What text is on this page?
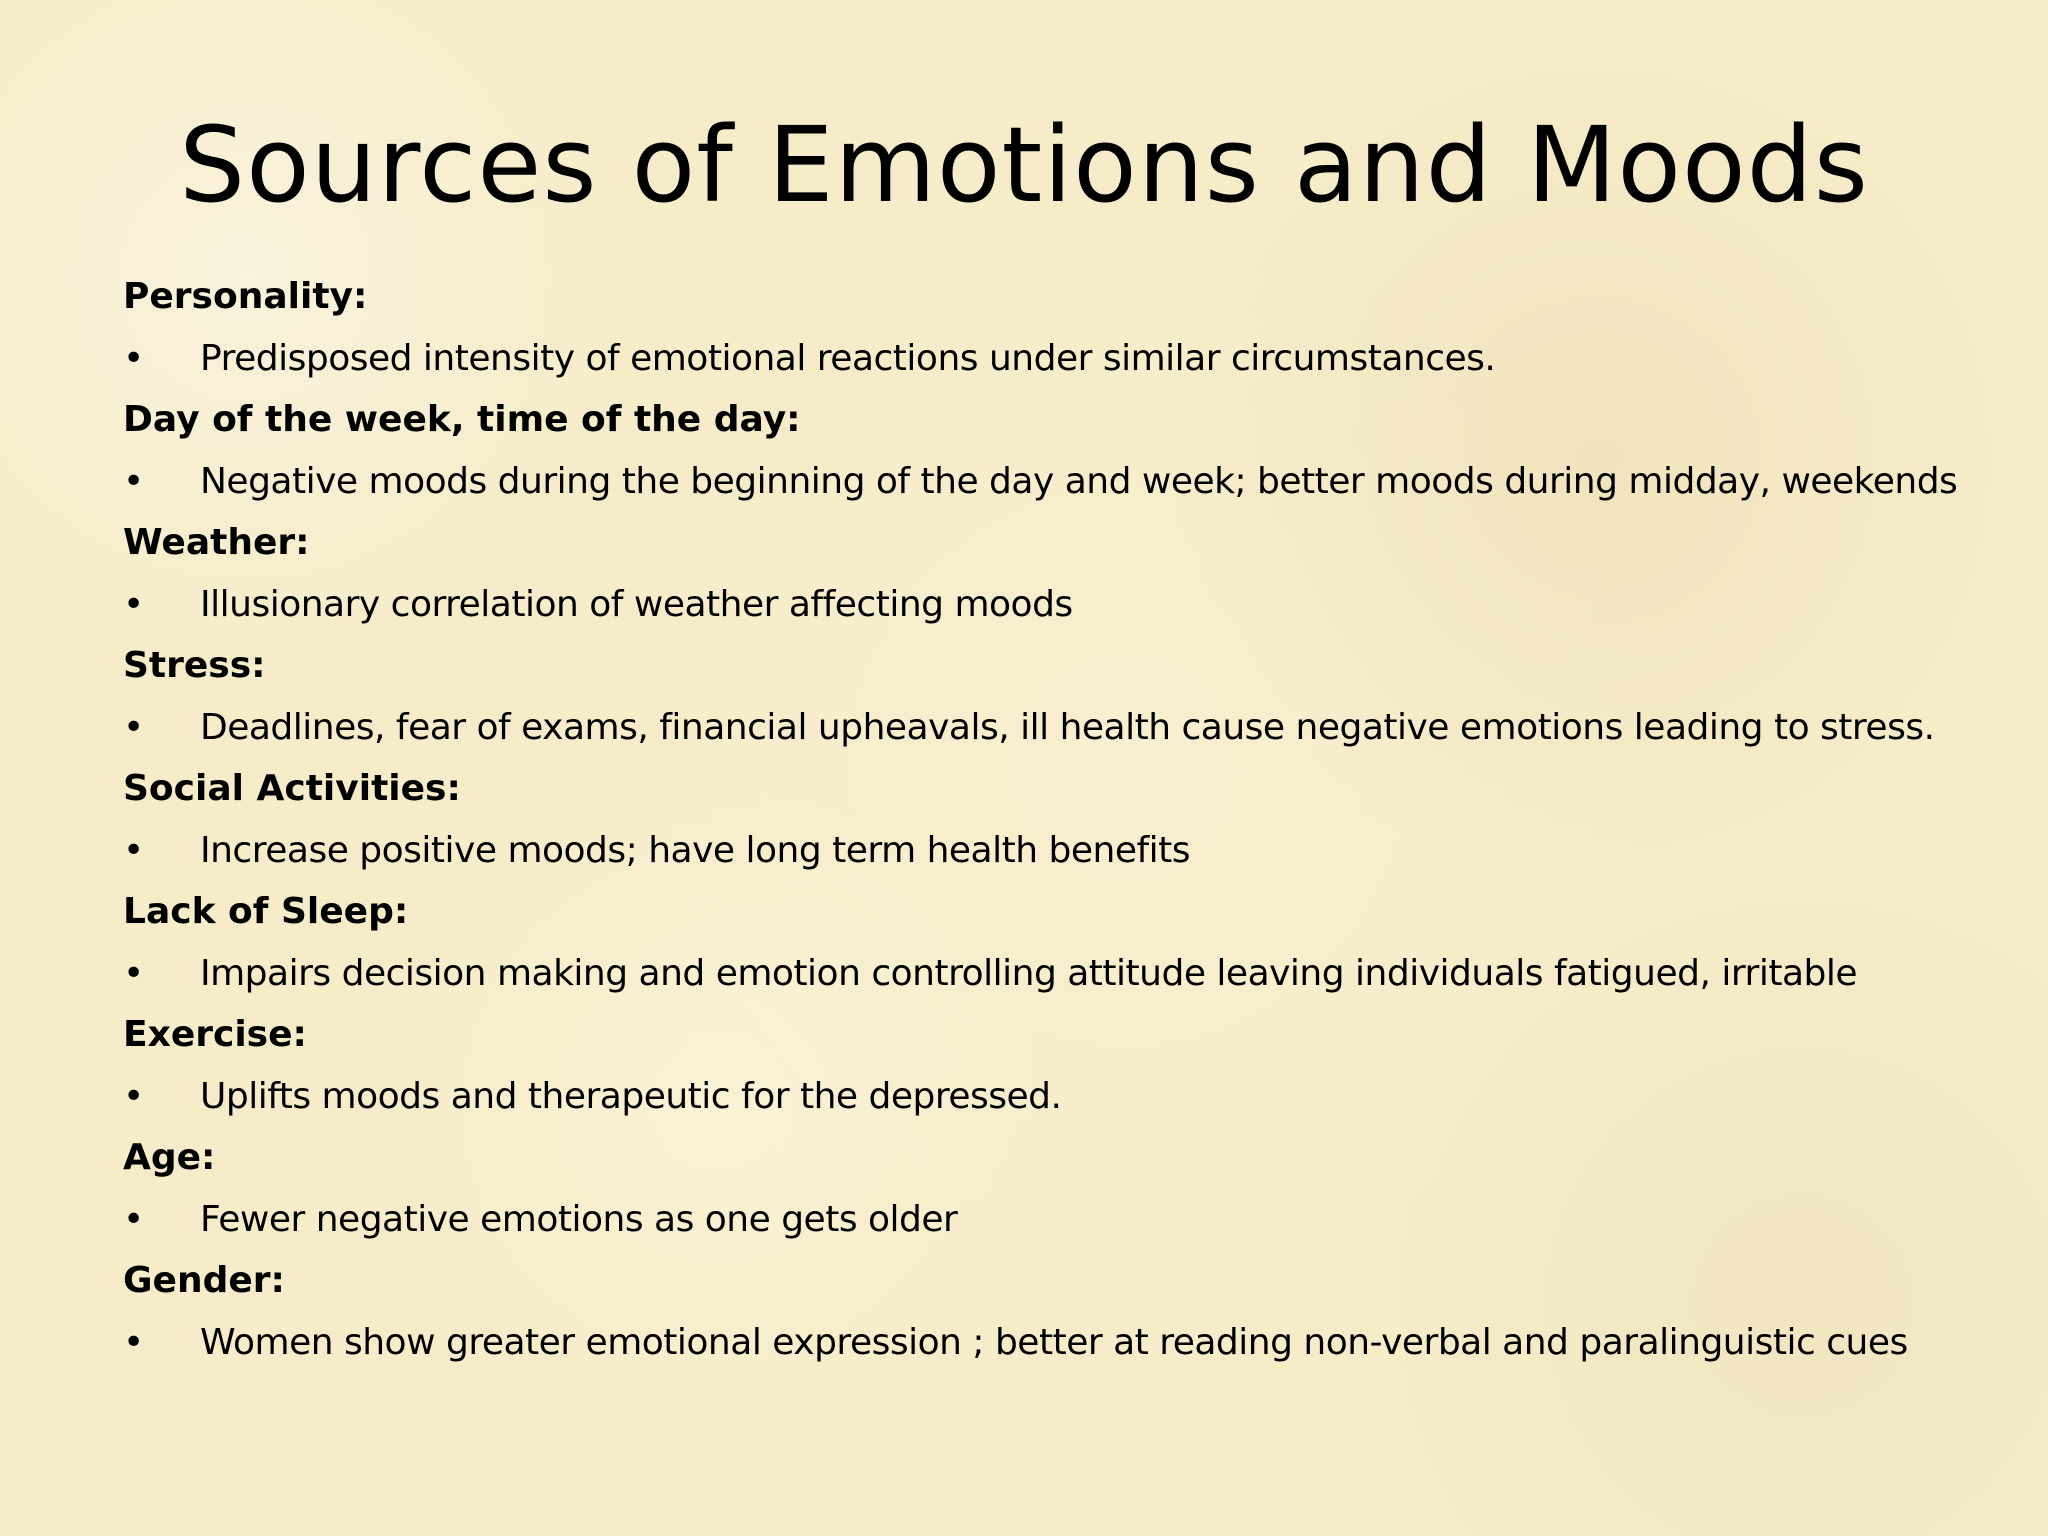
Sources of Emotions and Moods
Personality:
• Predisposed intensity of emotional reactions under similar circumstances.
Day of the week, time of the day:
• Negative moods during the beginning of the day and week; better moods during midday, weekends
Weather:
• Illusionary correlation of weather affecting moods
Stress:
• Deadlines, fear of exams, financial upheavals, ill health cause negative emotions leading to stress.
Social Activities:
• Increase positive moods; have long term health benefits
Lack of Sleep:
• Impairs decision making and emotion controlling attitude leaving individuals fatigued, irritable
Exercise:
• Uplifts moods and therapeutic for the depressed.
Age:
• Fewer negative emotions as one gets older
Gender:
• Women show greater emotional expression ; better at reading non-verbal and paralinguistic cues
